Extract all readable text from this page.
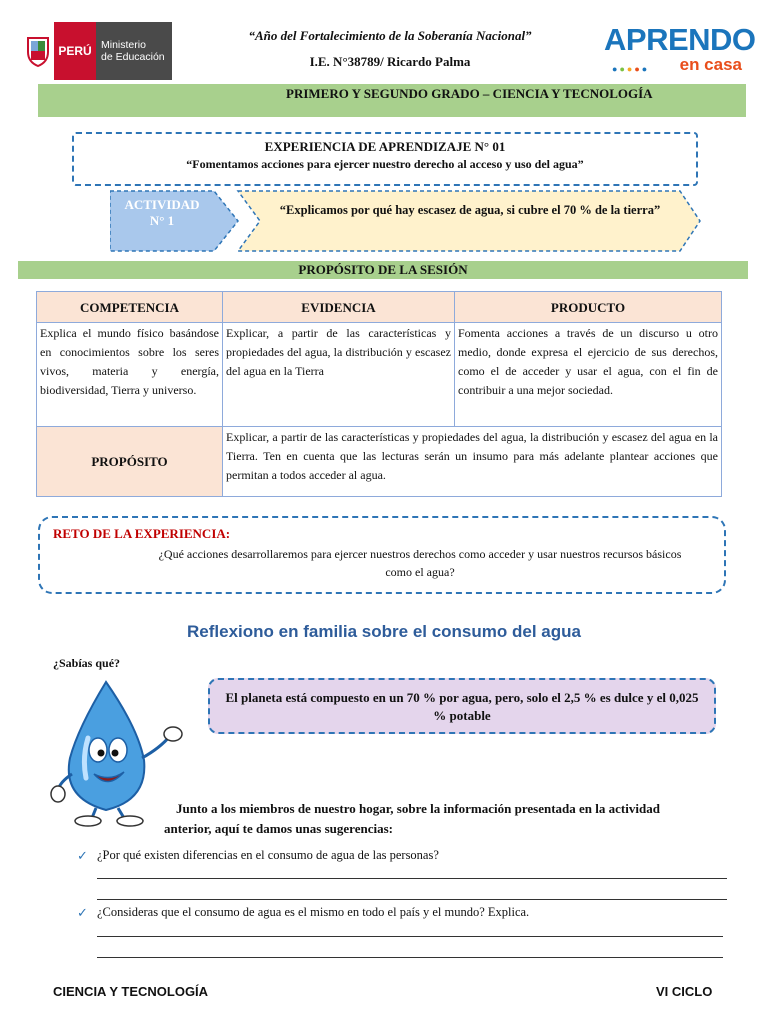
PERÚ Ministerio
de Educación
“Año del Fortalecimiento de la Soberanía Nacional”
I.E. N°38789/ Ricardo Palma
APRENDO
●●●●●	en casa
PRIMERO Y SEGUNDO GRADO – CIENCIA Y TECNOLOGÍA
EXPERIENCIA DE APRENDIZAJE N° 01
“Fomentamos acciones para ejercer nuestro derecho al acceso y uso del agua”
ACTIVIDAD
N° 1
“Explicamos por qué hay escasez de agua, si cubre el 70 % de la tierra”
PROPÓSITO DE LA SESIÓN
COMPETENCIA	EVIDENCIA	PRODUCTO
Explica el mundo físico basándose en conocimientos sobre los seres vivos, materia y energía, biodiversidad, Tierra y universo.	Explicar, a partir de las características y propiedades del agua, la distribución y escasez del agua en la Tierra	Fomenta acciones a través de un discurso u otro medio, donde expresa el ejercicio de sus derechos, como el de acceder y usar el agua, con el fin de contribuir a una mejor sociedad.
PROPÓSITO	Explicar, a partir de las características y propiedades del agua, la distribución y escasez del agua en la Tierra. Ten en cuenta que las lecturas serán un insumo para más adelante plantear acciones que permitan a todos acceder al agua.	
RETO DE LA EXPERIENCIA:
¿Qué acciones desarrollaremos para ejercer nuestros derechos como acceder y usar nuestros recursos básicos como el agua?
Reflexiono en familia sobre el consumo del agua
¿Sabías qué?
El planeta está compuesto en un 70 % por agua, pero, solo el 2,5 % es dulce y el 0,025 % potable
Junto a los miembros de nuestro hogar, sobre la información presentada en la actividad
anterior, aquí te damos unas sugerencias:
✓ ¿Por qué existen diferencias en el consumo de agua de las personas?
✓ ¿Consideras que el consumo de agua es el mismo en todo el país y el mundo? Explica.
CIENCIA Y TECNOLOGÍA	VI CICLO
